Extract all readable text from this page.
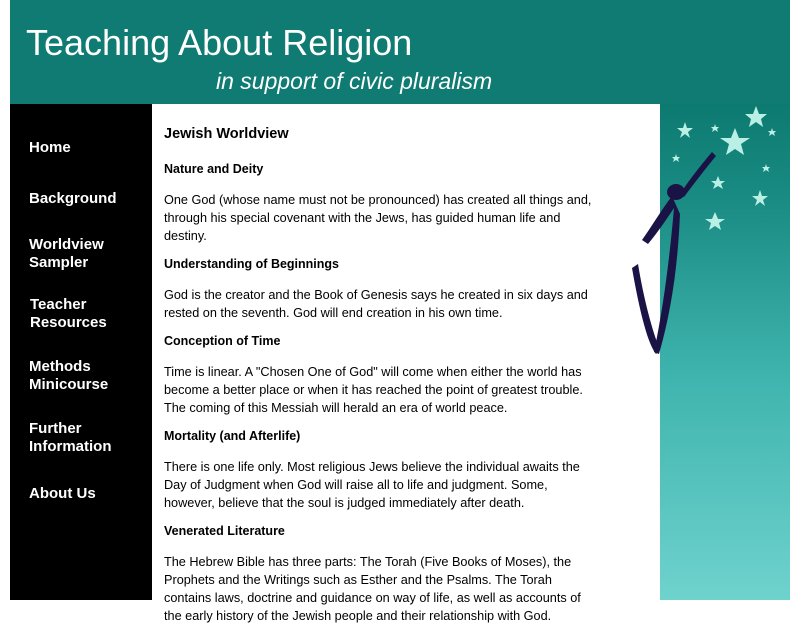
Teaching About Religion

in support of civic pluralism

Home
Background
Worldview
Sampler
Teacher
Resources
Methods
Minicourse
Further
Information
About Us
Jewish Worldview
Nature and Deity

One God (whose name must not be pronounced) has created all things and, through his special covenant with the Jews, has guided human life and destiny.

Understanding of Beginnings

God is the creator and the Book of Genesis says he created in six days and rested on the seventh. God will end creation in his own time.

Conception of Time

Time is linear. A "Chosen One of God" will come when either the world has become a better place or when it has reached the point of greatest trouble. The coming of this Messiah will herald an era of world peace.

Mortality (and Afterlife)

There is one life only. Most religious Jews believe the individual awaits the Day of Judgment when God will raise all to life and judgment. Some, however, believe that the soul is judged immediately after death.

Venerated Literature

The Hebrew Bible has three parts: The Torah (Five Books of Moses), the Prophets and the Writings such as Esther and the Psalms. The Torah contains laws, doctrine and guidance on way of life, as well as accounts of the early history of the Jewish people and their relationship with God.
